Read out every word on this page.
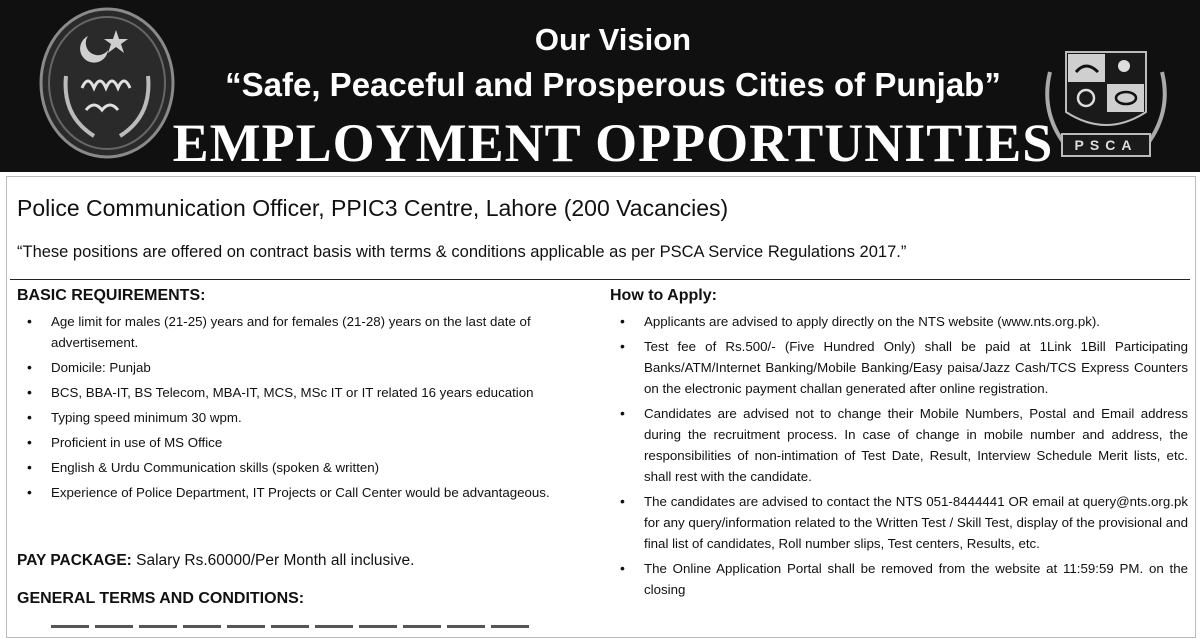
Our Vision
“Safe, Peaceful and Prosperous Cities of Punjab”
EMPLOYMENT OPPORTUNITIES	PSCA
Police Communication Officer, PPIC3 Centre, Lahore (200 Vacancies)
“These positions are offered on contract basis with terms & conditions applicable as per PSCA Service Regulations 2017.”
BASIC REQUIREMENTS:
• Age limit for males (21-25) years and for females (21-28) years on the last date of advertisement.
• Domicile: Punjab
• BCS, BBA-IT, BS Telecom, MBA-IT, MCS, MSc IT or IT related 16 years education
• Typing speed minimum 30 wpm.
• Proficient in use of MS Office
• English & Urdu Communication skills (spoken & written)
• Experience of Police Department, IT Projects or Call Center would be advantageous.
PAY PACKAGE: Salary Rs.60000/Per Month all inclusive.
GENERAL TERMS AND CONDITIONS:
How to Apply:
• Applicants are advised to apply directly on the NTS website (www.nts.org.pk).
• Test fee of Rs.500/- (Five Hundred Only) shall be paid at 1Link 1Bill Participating Banks/ATM/Internet Banking/Mobile Banking/Easy paisa/Jazz Cash/TCS Express Counters on the electronic payment challan generated after online registration.
• Candidates are advised not to change their Mobile Numbers, Postal and Email address during the recruitment process. In case of change in mobile number and address, the responsibilities of non-intimation of Test Date, Result, Interview Schedule Merit lists, etc. shall rest with the candidate.
• The candidates are advised to contact the NTS 051-8444441 OR email at query@nts.org.pk for any query/information related to the Written Test / Skill Test, display of the provisional and final list of candidates, Roll number slips, Test centers, Results, etc.
• The Online Application Portal shall be removed from the website at 11:59:59 PM. on the closing
